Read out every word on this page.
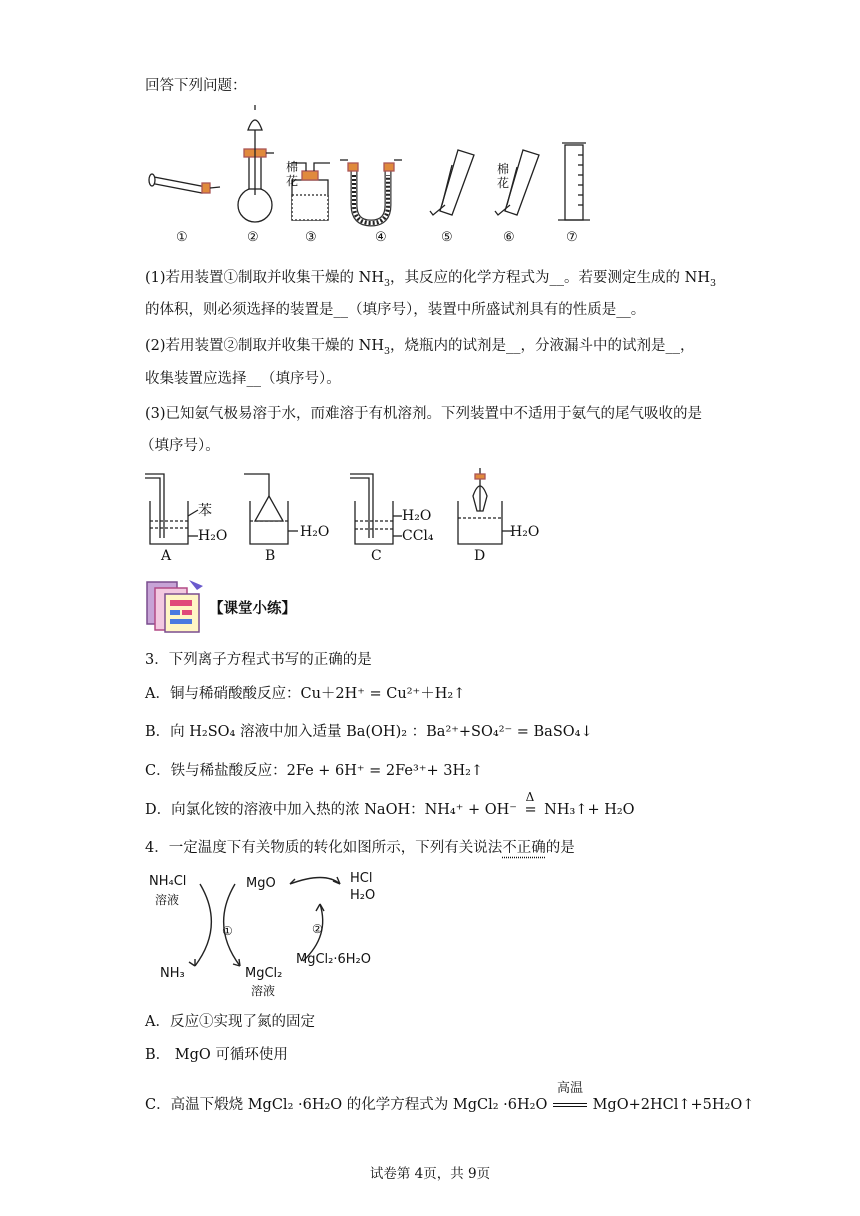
回答下列问题：
棉花
棉花
①	②	③	④	⑤	⑥	⑦
(1)若用装置①制取并收集干燥的 $NH_3$，其反应的化学方程式为__。若要测定生成的 $NH_3$
的体积，则必须选择的装置是__（填序号），装置中所盛试剂具有的性质是__。
(2)若用装置②制取并收集干燥的 $NH_3$，烧瓶内的试剂是__，分液漏斗中的试剂是__，
收集装置应选择__（填序号）。
(3)已知氨气极易溶于水，而难溶于有机溶剂。下列装置中不适用于氨气的尾气吸收的是
（填序号）。
苯
H₂O	H₂O
H₂O
CCl₄	H₂O
A	B	C	D
【课堂小练】
3．下列离子方程式书写的正确的是
A．铜与稀硝酸酸反应：Cu＋2H⁺ = Cu²⁺＋H₂↑
B．向 H₂SO₄ 溶液中加入适量 Ba(OH)₂ ：Ba²⁺+SO₄²⁻ = BaSO₄↓
C．铁与稀盐酸反应：2Fe + 6H⁺ = 2Fe³⁺+ 3H₂↑
D．向氯化铵的溶液中加入热的浓 NaOH：NH₄⁺ + OH⁻
Δ
= NH₃↑+ H₂O
4．一定温度下有关物质的转化如图所示，下列有关说法不正确的是
NH₄Cl
溶液
MgO	HCl
H₂O
①	②
NH₃	MgCl₂
溶液
MgCl₂·6H₂O
A．反应①实现了氮的固定
B． MgO 可循环使用
C．高温下煅烧 MgCl₂ ·6H₂O 的化学方程式为 MgCl₂ ·6H₂O
高温
MgO+2HCl↑+5H₂O↑
试卷第 4页，共 9页
